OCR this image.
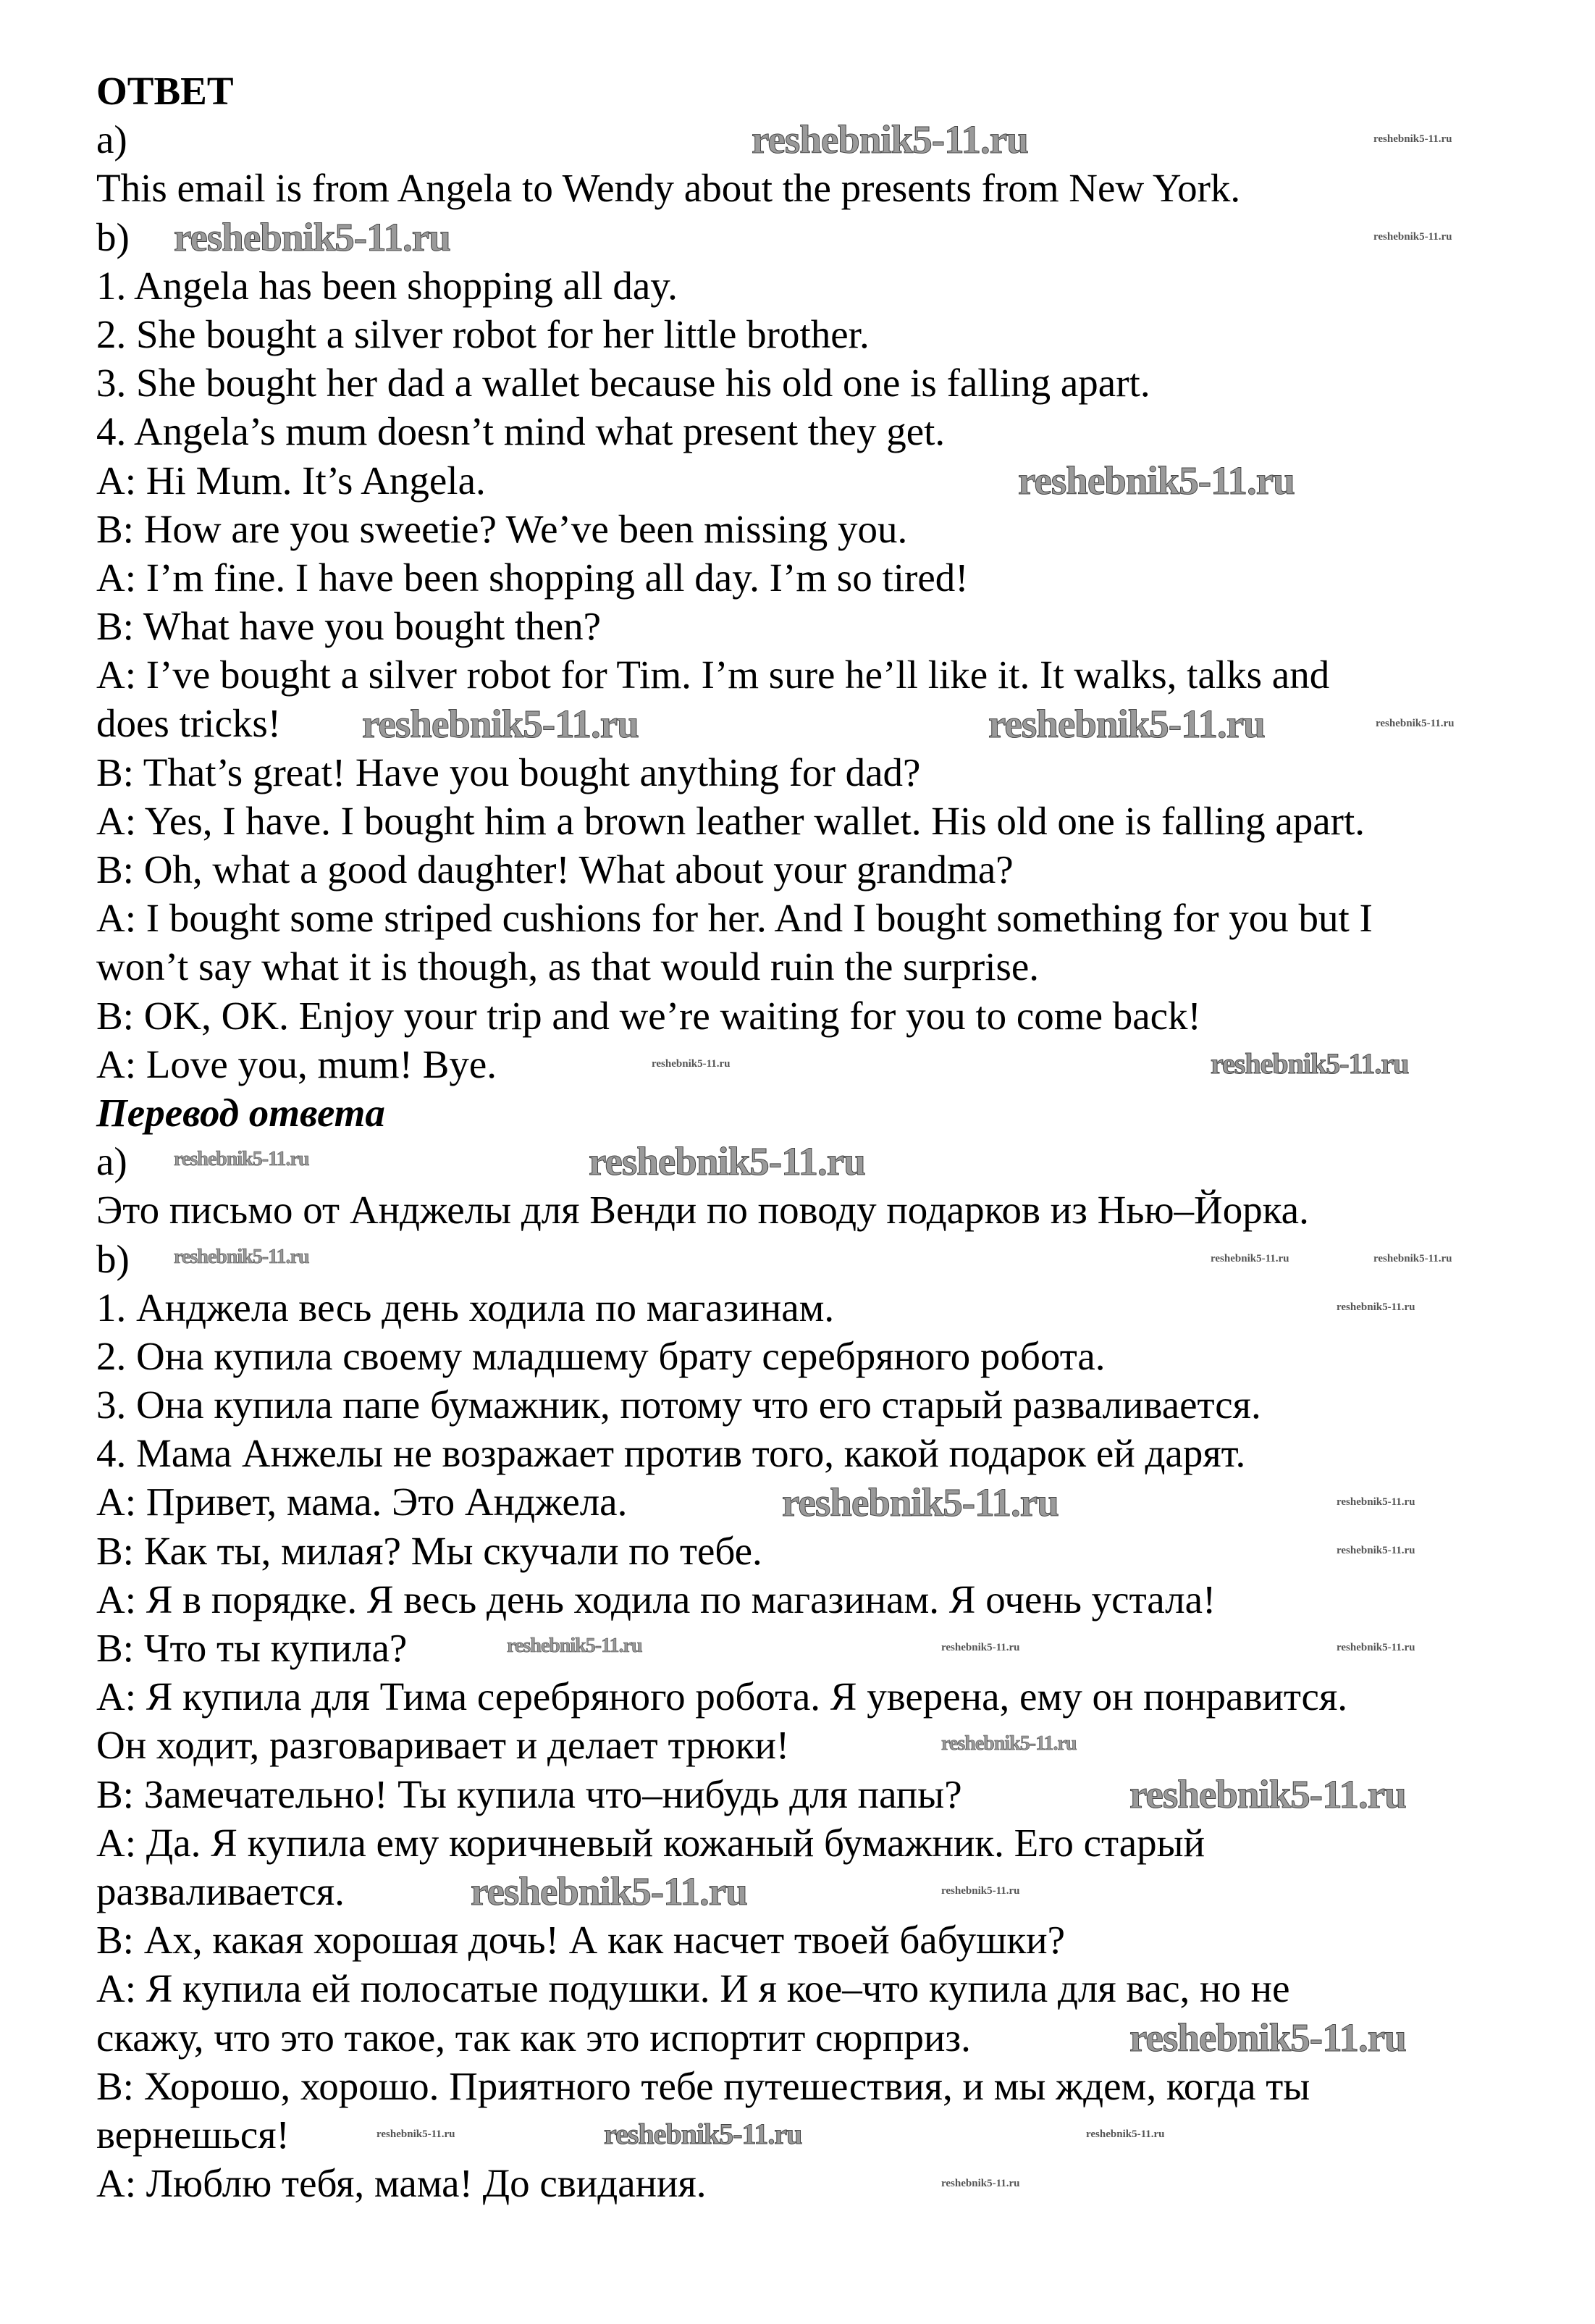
ОТВЕТ
a)
This email is from Angela to Wendy about the presents from New York.
b)
1. Angela has been shopping all day.
2. She bought a silver robot for her little brother.
3. She bought her dad a wallet because his old one is falling apart.
4. Angela’s mum doesn’t mind what present they get.
A: Hi Mum. It’s Angela.
B: How are you sweetie? We’ve been missing you.
A: I’m fine. I have been shopping all day. I’m so tired!
B: What have you bought then?
A: I’ve bought a silver robot for Tim. I’m sure he’ll like it. It walks, talks and
does tricks!
B: That’s great! Have you bought anything for dad?
A: Yes, I have. I bought him a brown leather wallet. His old one is falling apart.
B: Oh, what a good daughter! What about your grandma?
A: I bought some striped cushions for her. And I bought something for you but I
won’t say what it is though, as that would ruin the surprise.
B: OK, OK. Enjoy your trip and we’re waiting for you to come back!
A: Love you, mum! Bye.
Перевод ответа
a)
Это письмо от Анджелы для Венди по поводу подарков из Нью–Йорка.
b)
1. Анджела весь день ходила по магазинам.
2. Она купила своему младшему брату серебряного робота.
3. Она купила папе бумажник, потому что его старый разваливается.
4. Мама Анжелы не возражает против того, какой подарок ей дарят.
A: Привет, мама. Это Анджела.
B: Как ты, милая? Мы скучали по тебе.
A: Я в порядке. Я весь день ходила по магазинам. Я очень устала!
B: Что ты купила?
A: Я купила для Тима серебряного робота. Я уверена, ему он понравится.
Он ходит, разговаривает и делает трюки!
B: Замечательно! Ты купила что–нибудь для папы?
A: Да. Я купила ему коричневый кожаный бумажник. Его старый
разваливается.
B: Ах, какая хорошая дочь! А как насчет твоей бабушки?
A: Я купила ей полосатые подушки. И я кое–что купила для вас, но не
скажу, что это такое, так как это испортит сюрприз.
B: Хорошо, хорошо. Приятного тебе путешествия, и мы ждем, когда ты
вернешься!
A: Люблю тебя, мама! До свидания.
reshebnik5-11.ru
reshebnik5-11.ru
reshebnik5-11.ru
reshebnik5-11.ru	reshebnik5-11.ru
reshebnik5-11.ru
reshebnik5-11.ru
reshebnik5-11.ru
reshebnik5-11.ru
reshebnik5-11.ru
reshebnik5-11.ru
reshebnik5-11.ru
reshebnik5-11.ru
reshebnik5-11.ru
reshebnik5-11.ru
reshebnik5-11.ru
reshebnik5-11.ru
reshebnik5-11.ru
reshebnik5-11.ru
reshebnik5-11.ru	reshebnik5-11.ru
reshebnik5-11.ru
reshebnik5-11.ru
reshebnik5-11.ru
reshebnik5-11.ru
reshebnik5-11.ru
reshebnik5-11.ru
reshebnik5-11.ru
reshebnik5-11.ru
reshebnik5-11.ru
reshebnik5-11.ru
